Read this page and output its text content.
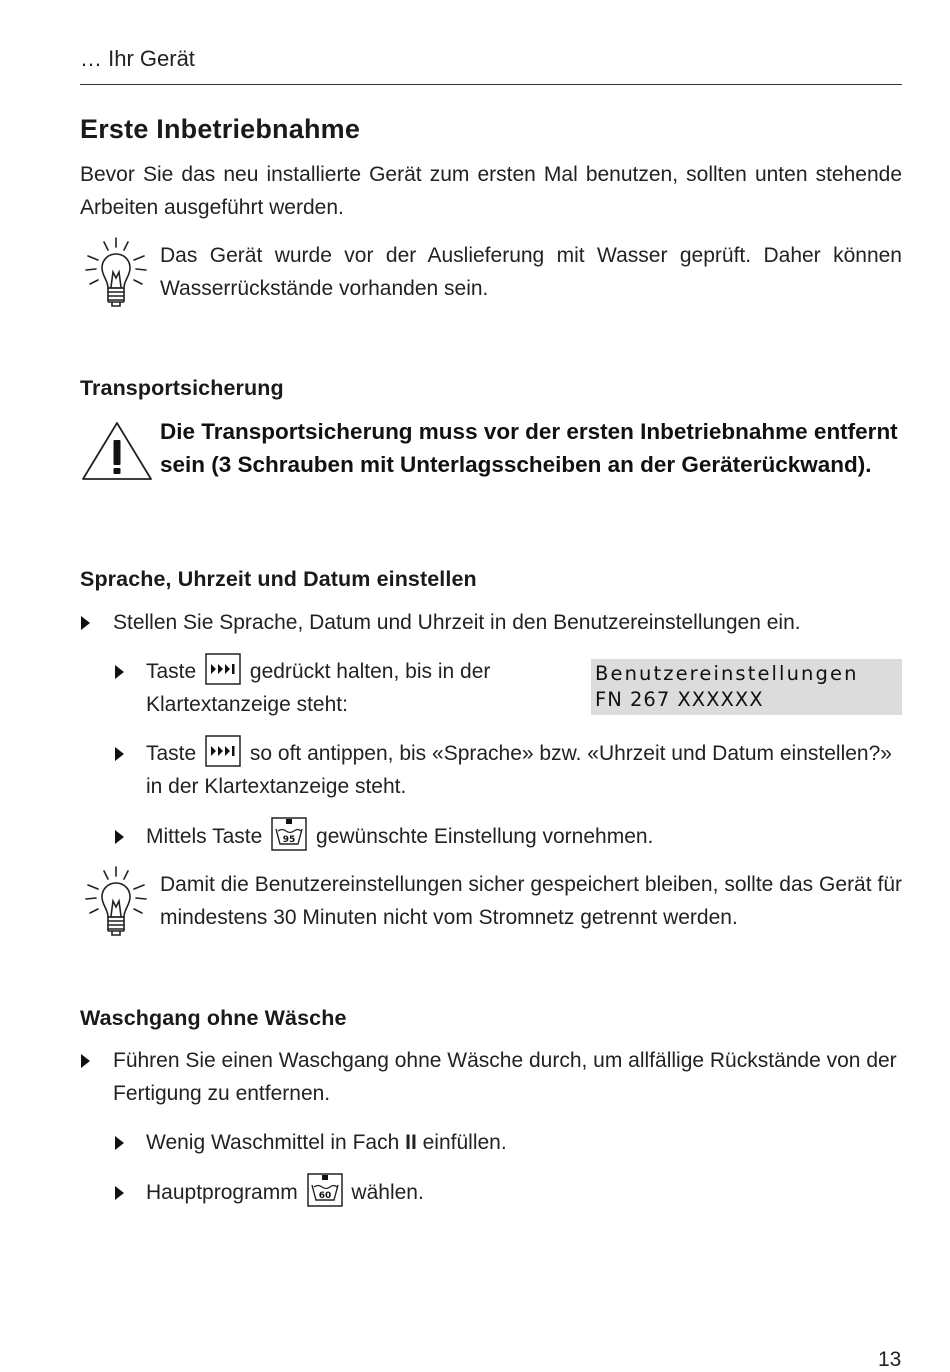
… Ihr Gerät
Erste Inbetriebnahme
Bevor Sie das neu installierte Gerät zum ersten Mal benutzen, sollten unten stehende Arbeiten ausgeführt werden.
Das Gerät wurde vor der Auslieferung mit Wasser geprüft. Daher können Wasserrückstände vorhanden sein.
Transportsicherung
Die Transportsicherung muss vor der ersten Inbetriebnahme entfernt sein (3 Schrauben mit Unterlagsscheiben an der Geräterückwand).
Sprache, Uhrzeit und Datum einstellen
Stellen Sie Sprache, Datum und Uhrzeit in den Benutzereinstellungen ein.
Taste	gedrückt halten, bis in der
Klartextanzeige steht:
Benutzereinstellungen
FN 267 XXXXXX
Taste	so oft antippen, bis «Sprache» bzw. «Uhrzeit und Datum einstellen?»
in der Klartextanzeige steht.
Mittels Taste 95 gewünschte Einstellung vornehmen.
Damit die Benutzereinstellungen sicher gespeichert bleiben, sollte das Gerät für mindestens 30 Minuten nicht vom Stromnetz getrennt werden.
Waschgang ohne Wäsche
Führen Sie einen Waschgang ohne Wäsche durch, um allfällige Rückstände von der Fertigung zu entfernen.
Wenig Waschmittel in Fach II einfüllen.
Hauptprogramm 60 wählen.
13
